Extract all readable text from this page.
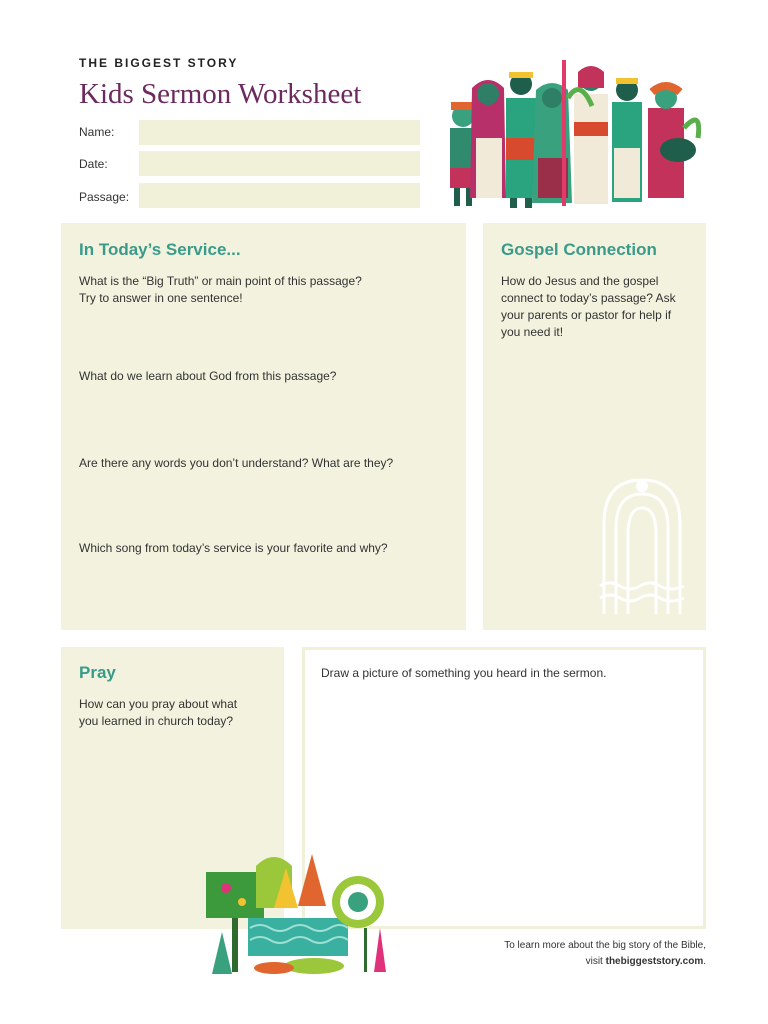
THE BIGGEST STORY
Kids Sermon Worksheet
Name:
Date:
Passage:
In Today’s Service...
What is the “Big Truth” or main point of this passage?
Try to answer in one sentence!
What do we learn about God from this passage?
Are there any words you don’t understand? What are they?
Which song from today’s service is your favorite and why?
Gospel Connection
How do Jesus and the gospel
connect to today’s passage? Ask
your parents or pastor for help if
you need it!
Pray
How can you pray about what
you learned in church today?
Draw a picture of something you heard in the sermon.
To learn more about the big story of the Bible,
visit thebiggeststory.com.
